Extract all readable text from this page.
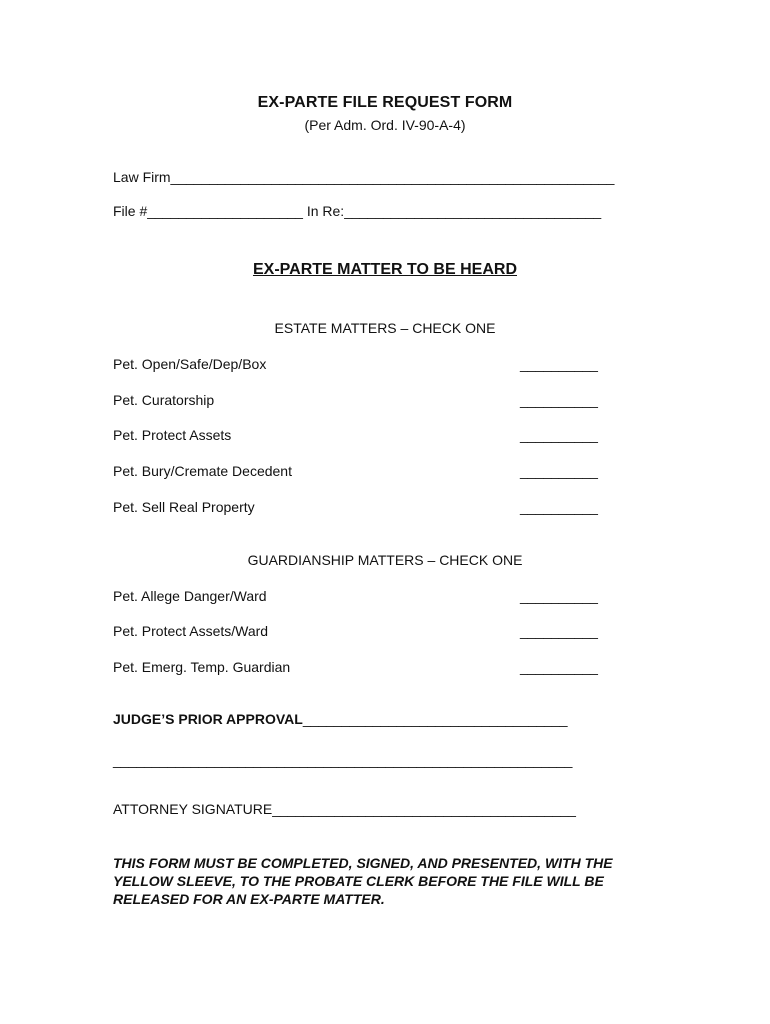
EX-PARTE FILE REQUEST FORM
(Per Adm. Ord. IV-90-A-4)
Law Firm_________________________________________________________
File #____________________ In Re:_________________________________
EX-PARTE MATTER TO BE HEARD
ESTATE MATTERS – CHECK ONE
Pet. Open/Safe/Dep/Box	__________
Pet. Curatorship	__________
Pet. Protect Assets	__________
Pet. Bury/Cremate Decedent	__________
Pet. Sell Real Property	__________
GUARDIANSHIP MATTERS – CHECK ONE
Pet. Allege Danger/Ward	__________
Pet. Protect Assets/Ward	__________
Pet. Emerg. Temp. Guardian	__________
JUDGE’S PRIOR APPROVAL__________________________________
___________________________________________________________
ATTORNEY SIGNATURE_______________________________________
THIS FORM MUST BE COMPLETED, SIGNED, AND PRESENTED, WITH THE YELLOW SLEEVE, TO THE PROBATE CLERK BEFORE THE FILE WILL BE RELEASED FOR AN EX-PARTE MATTER.
